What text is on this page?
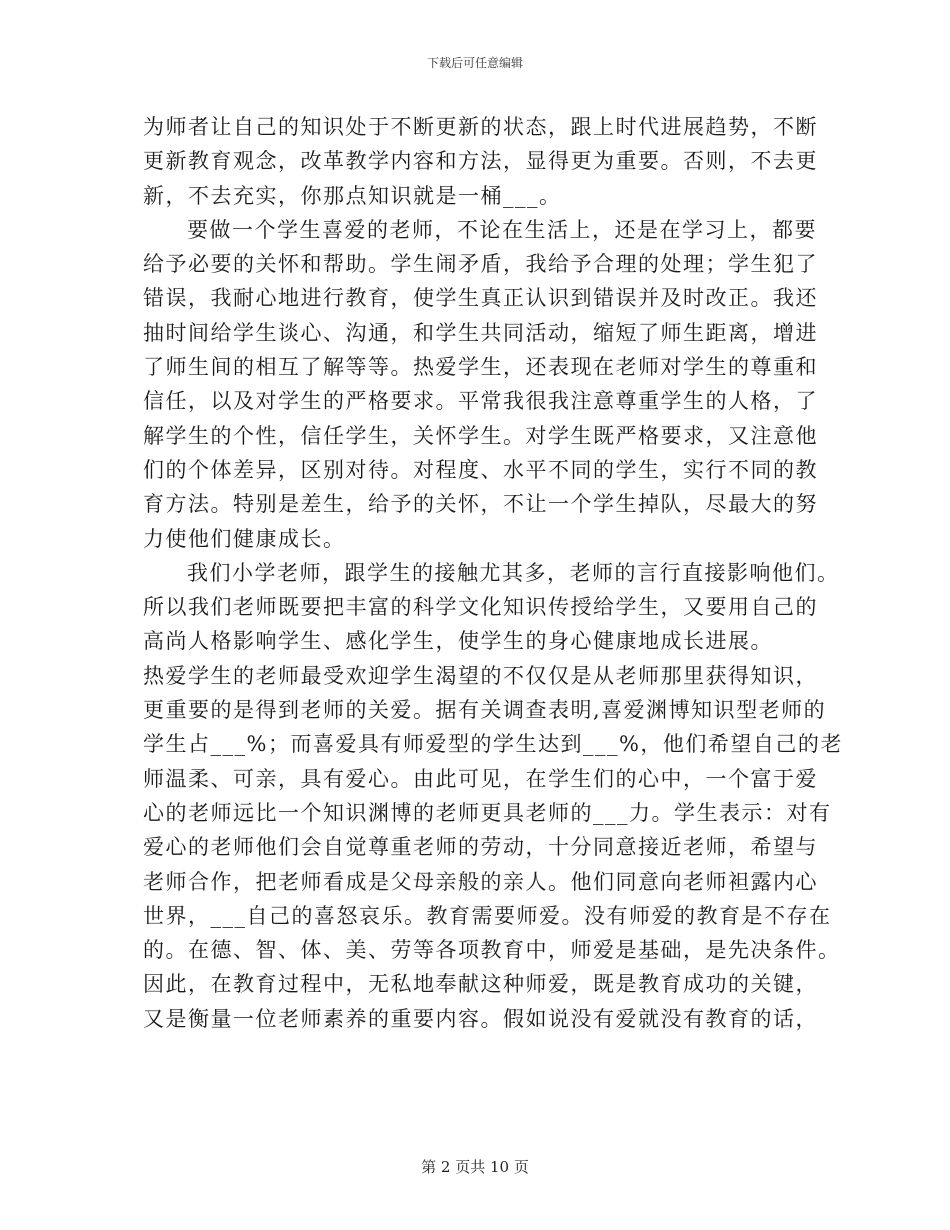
下载后可任意编辑
为师者让自己的知识处于不断更新的状态，跟上时代进展趋势，不断
更新教育观念，改革教学内容和方法，显得更为重要。否则，不去更
新，不去充实，你那点知识就是一桶___。
要做一个学生喜爱的老师，不论在生活上，还是在学习上，都要
给予必要的关怀和帮助。学生闹矛盾，我给予合理的处理；学生犯了
错误，我耐心地进行教育，使学生真正认识到错误并及时改正。我还
抽时间给学生谈心、沟通，和学生共同活动，缩短了师生距离，增进
了师生间的相互了解等等。热爱学生，还表现在老师对学生的尊重和
信任，以及对学生的严格要求。平常我很我注意尊重学生的人格，了
解学生的个性，信任学生，关怀学生。对学生既严格要求，又注意他
们的个体差异，区别对待。对程度、水平不同的学生，实行不同的教
育方法。特别是差生，给予的关怀，不让一个学生掉队，尽最大的努
力使他们健康成长。
我们小学老师，跟学生的接触尤其多，老师的言行直接影响他们。
所以我们老师既要把丰富的科学文化知识传授给学生，又要用自己的
高尚人格影响学生、感化学生，使学生的身心健康地成长进展。
热爱学生的老师最受欢迎学生渴望的不仅仅是从老师那里获得知识，
更重要的是得到老师的关爱。据有关调查表明,喜爱渊博知识型老师的
学生占___%；而喜爱具有师爱型的学生达到___%，他们希望自己的老
师温柔、可亲，具有爱心。由此可见，在学生们的心中，一个富于爱
心的老师远比一个知识渊博的老师更具老师的___力。学生表示：对有
爱心的老师他们会自觉尊重老师的劳动，十分同意接近老师，希望与
老师合作，把老师看成是父母亲般的亲人。他们同意向老师袒露内心
世界，___自己的喜怒哀乐。教育需要师爱。没有师爱的教育是不存在
的。在德、智、体、美、劳等各项教育中，师爱是基础，是先决条件。
因此，在教育过程中，无私地奉献这种师爱，既是教育成功的关键，
又是衡量一位老师素养的重要内容。假如说没有爱就没有教育的话，
第 2 页共 10 页
